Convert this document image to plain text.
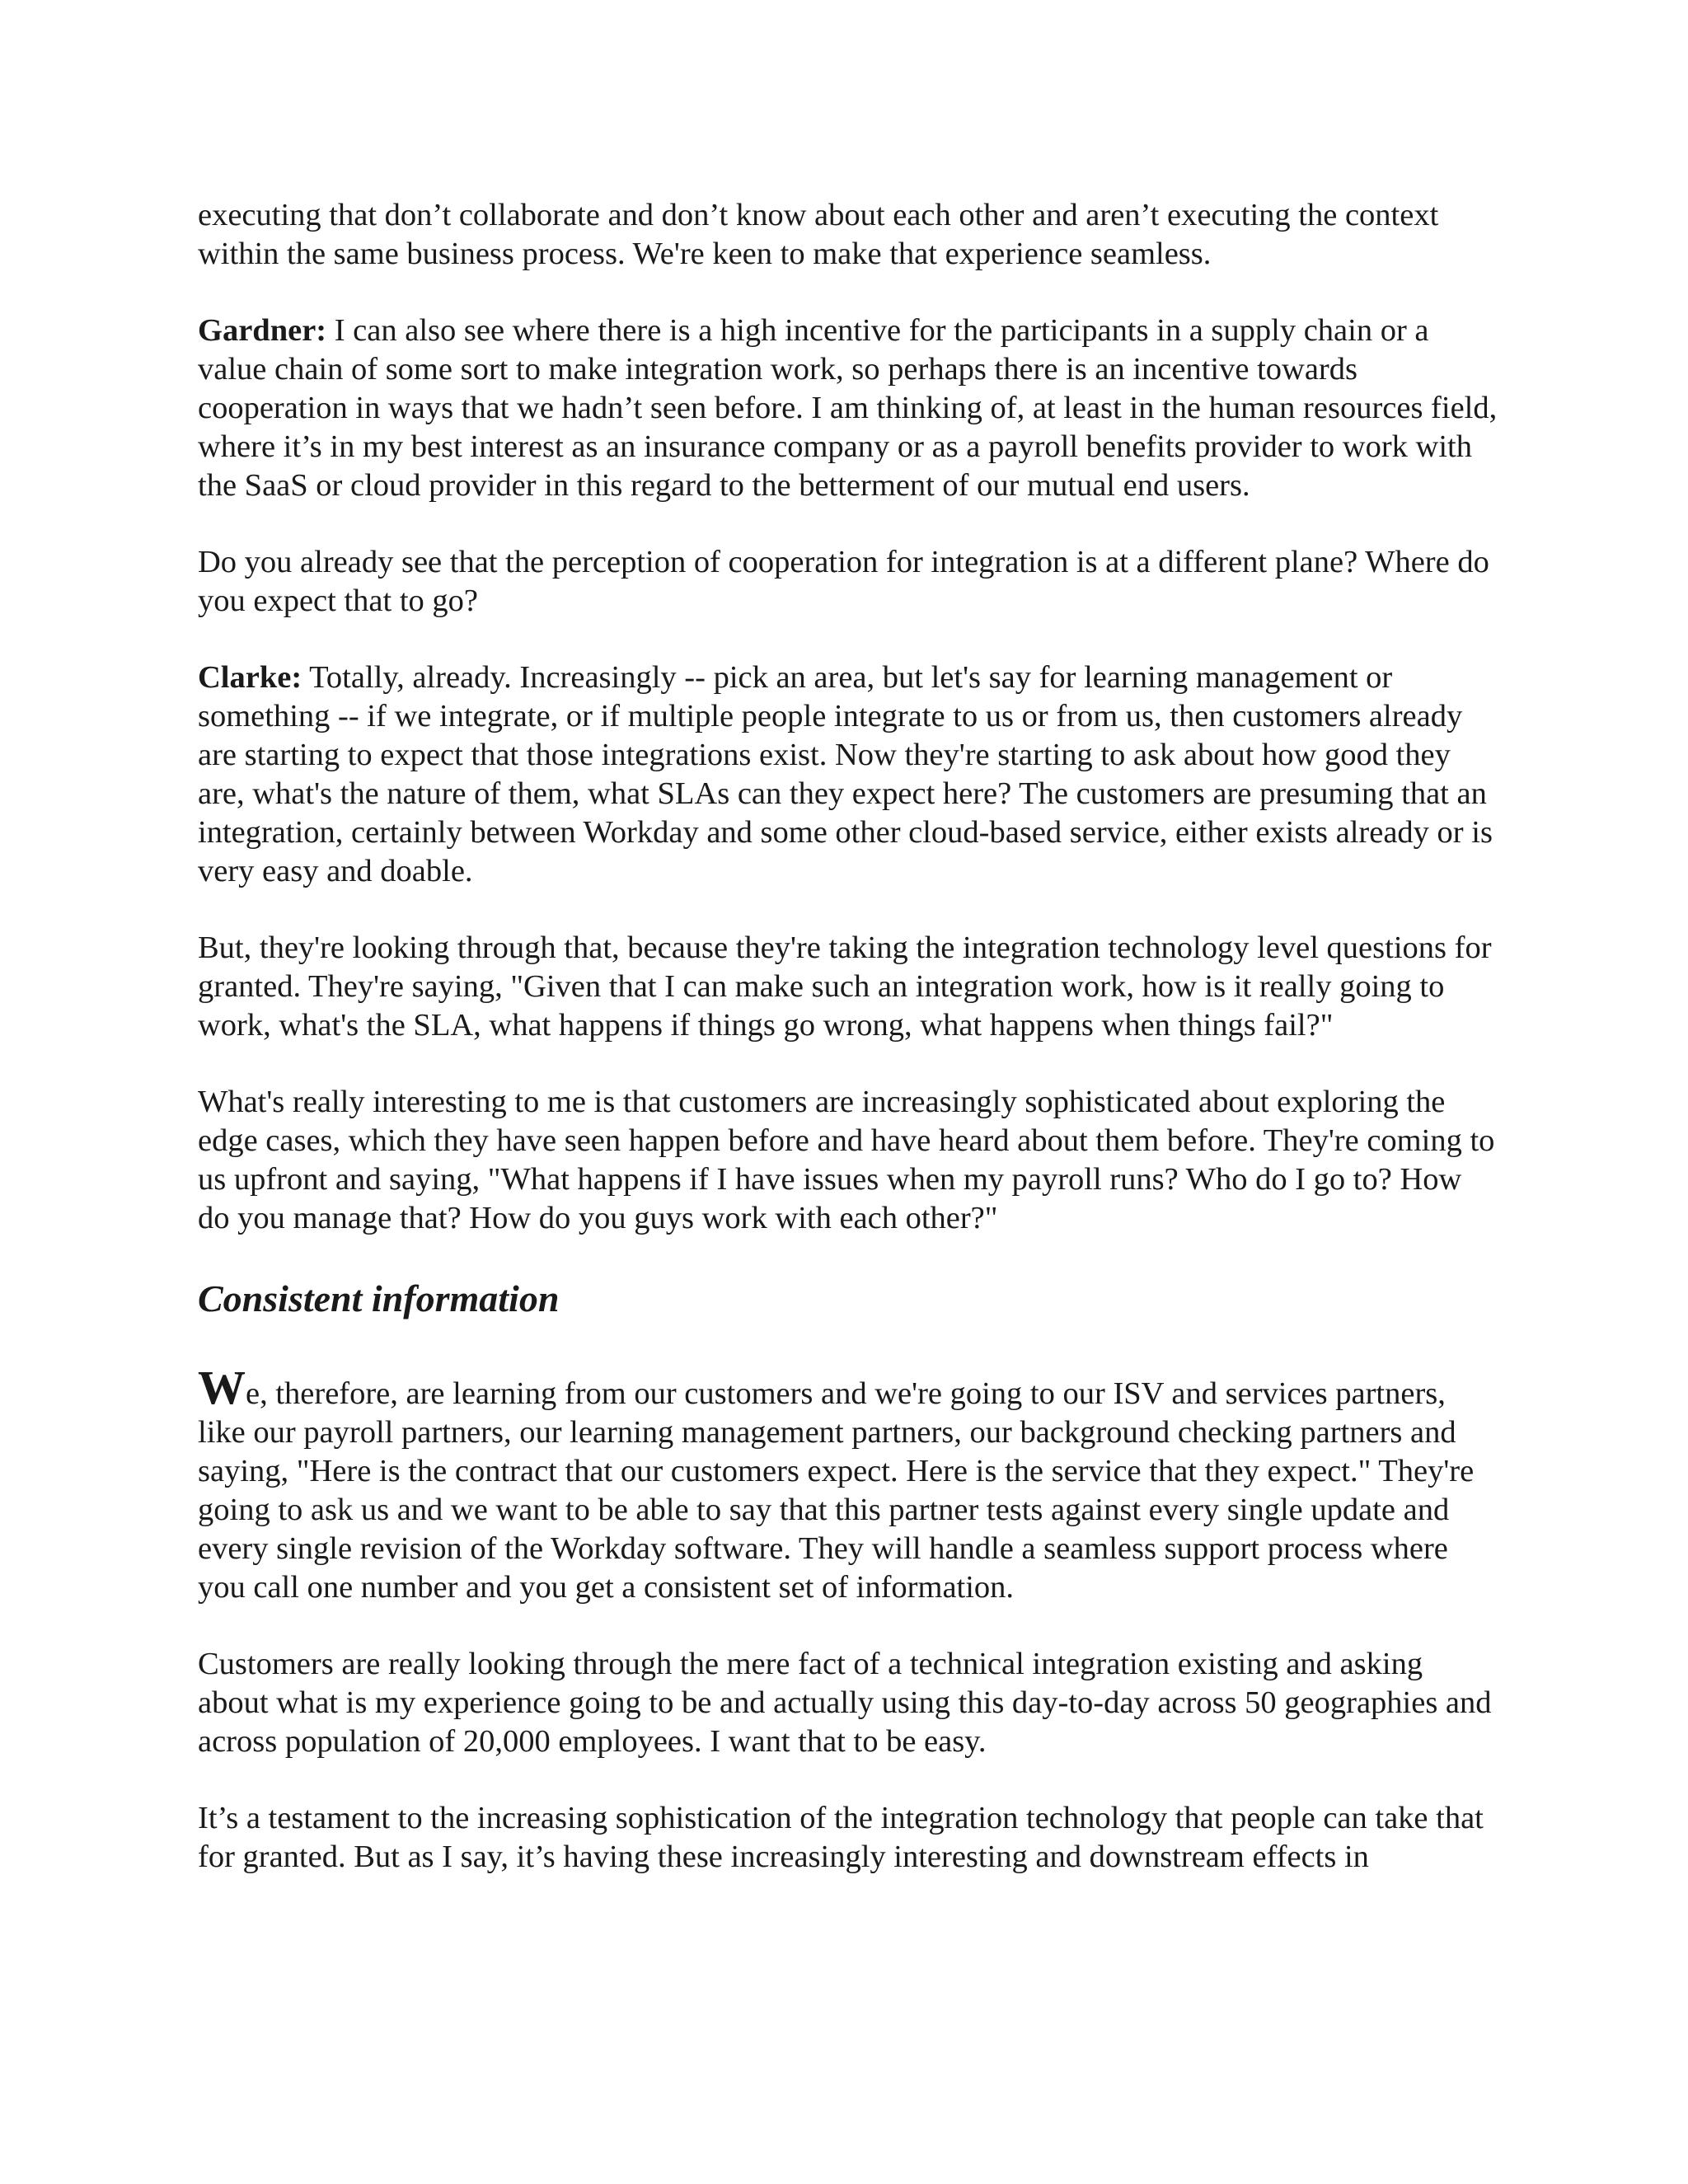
executing that don’t collaborate and don’t know about each other and aren’t executing the context within the same business process. We're keen to make that experience seamless.

Gardner: I can also see where there is a high incentive for the participants in a supply chain or a value chain of some sort to make integration work, so perhaps there is an incentive towards cooperation in ways that we hadn’t seen before. I am thinking of, at least in the human resources field, where it’s in my best interest as an insurance company or as a payroll benefits provider to work with the SaaS or cloud provider in this regard to the betterment of our mutual end users.

Do you already see that the perception of cooperation for integration is at a different plane? Where do you expect that to go?

Clarke: Totally, already. Increasingly -- pick an area, but let's say for learning management or something -- if we integrate, or if multiple people integrate to us or from us, then customers already are starting to expect that those integrations exist. Now they're starting to ask about how good they are, what's the nature of them, what SLAs can they expect here? The customers are presuming that an integration, certainly between Workday and some other cloud-based service, either exists already or is very easy and doable.

But, they're looking through that, because they're taking the integration technology level questions for granted. They're saying, "Given that I can make such an integration work, how is it really going to work, what's the SLA, what happens if things go wrong, what happens when things fail?"

What's really interesting to me is that customers are increasingly sophisticated about exploring the edge cases, which they have seen happen before and have heard about them before. They're coming to us upfront and saying, "What happens if I have issues when my payroll runs? Who do I go to? How do you manage that? How do you guys work with each other?"

Consistent information

We, therefore, are learning from our customers and we're going to our ISV and services partners, like our payroll partners, our learning management partners, our background checking partners and saying, "Here is the contract that our customers expect. Here is the service that they expect." They're going to ask us and we want to be able to say that this partner tests against every single update and every single revision of the Workday software. They will handle a seamless support process where you call one number and you get a consistent set of information.

Customers are really looking through the mere fact of a technical integration existing and asking about what is my experience going to be and actually using this day-to-day across 50 geographies and across population of 20,000 employees. I want that to be easy.

It’s a testament to the increasing sophistication of the integration technology that people can take that for granted. But as I say, it’s having these increasingly interesting and downstream effects in
